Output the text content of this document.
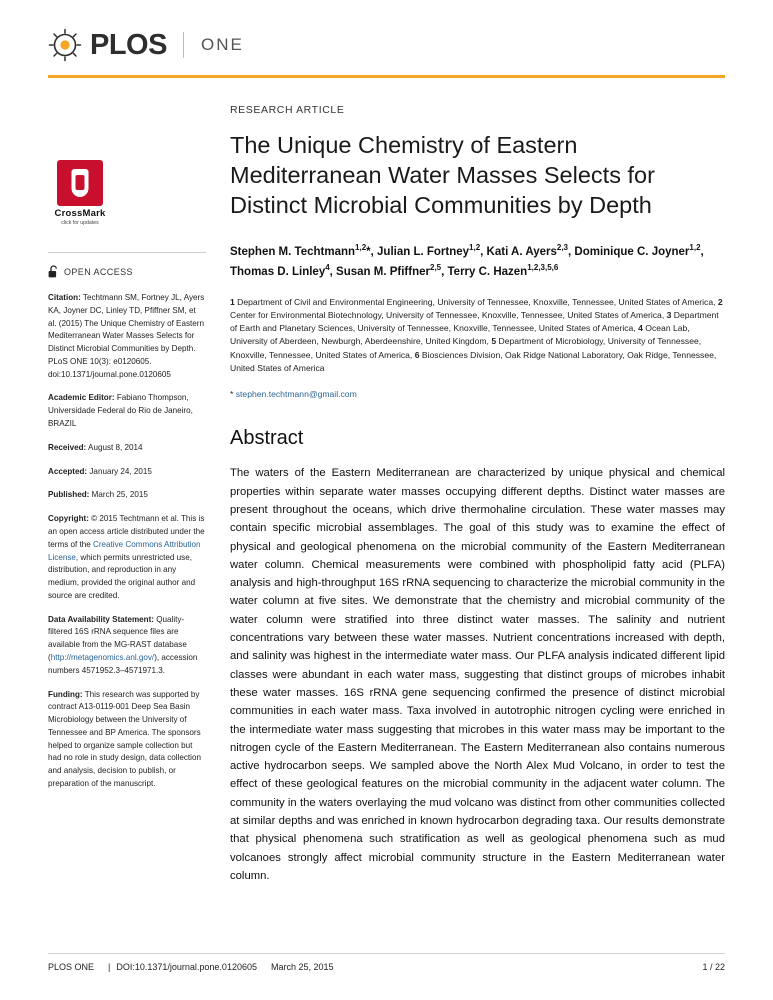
PLOS ONE
CrossMark
click for updates
OPEN ACCESS
Citation: Techtmann SM, Fortney JL, Ayers KA, Joyner DC, Linley TD, Pfiffner SM, et al. (2015) The Unique Chemistry of Eastern Mediterranean Water Masses Selects for Distinct Microbial Communities by Depth. PLoS ONE 10(3): e0120605. doi:10.1371/journal.pone.0120605
Academic Editor: Fabiano Thompson, Universidade Federal do Rio de Janeiro, BRAZIL
Received: August 8, 2014
Accepted: January 24, 2015
Published: March 25, 2015
Copyright: © 2015 Techtmann et al. This is an open access article distributed under the terms of the Creative Commons Attribution License, which permits unrestricted use, distribution, and reproduction in any medium, provided the original author and source are credited.
Data Availability Statement: Quality-filtered 16S rRNA sequence files are available from the MG-RAST database (http://metagenomics.anl.gov/), accession numbers 4571952.3–4571971.3.
Funding: This research was supported by contract A13-0119-001 Deep Sea Basin Microbiology between the University of Tennessee and BP America. The sponsors helped to organize sample collection but had no role in study design, data collection and analysis, decision to publish, or preparation of the manuscript.
RESEARCH ARTICLE
The Unique Chemistry of Eastern Mediterranean Water Masses Selects for Distinct Microbial Communities by Depth
Stephen M. Techtmann$^{1,2}$*, Julian L. Fortney$^{1,2}$, Kati A. Ayers$^{2,3}$, Dominique C. Joyner$^{1,2}$, Thomas D. Linley$^4$, Susan M. Pfiffner$^{2,5}$, Terry C. Hazen$^{1,2,3,5,6}$
1 Department of Civil and Environmental Engineering, University of Tennessee, Knoxville, Tennessee, United States of America, 2 Center for Environmental Biotechnology, University of Tennessee, Knoxville, Tennessee, United States of America, 3 Department of Earth and Planetary Sciences, University of Tennessee, Knoxville, Tennessee, United States of America, 4 Ocean Lab, University of Aberdeen, Newburgh, Aberdeenshire, United Kingdom, 5 Department of Microbiology, University of Tennessee, Knoxville, Tennessee, United States of America, 6 Biosciences Division, Oak Ridge National Laboratory, Oak Ridge, Tennessee, United States of America
* stephen.techtmann@gmail.com
Abstract
The waters of the Eastern Mediterranean are characterized by unique physical and chemical properties within separate water masses occupying different depths. Distinct water masses are present throughout the oceans, which drive thermohaline circulation. These water masses may contain specific microbial assemblages. The goal of this study was to examine the effect of physical and geological phenomena on the microbial community of the Eastern Mediterranean water column. Chemical measurements were combined with phospholipid fatty acid (PLFA) analysis and high-throughput 16S rRNA sequencing to characterize the microbial community in the water column at five sites. We demonstrate that the chemistry and microbial community of the water column were stratified into three distinct water masses. The salinity and nutrient concentrations vary between these water masses. Nutrient concentrations increased with depth, and salinity was highest in the intermediate water mass. Our PLFA analysis indicated different lipid classes were abundant in each water mass, suggesting that distinct groups of microbes inhabit these water masses. 16S rRNA gene sequencing confirmed the presence of distinct microbial communities in each water mass. Taxa involved in autotrophic nitrogen cycling were enriched in the intermediate water mass suggesting that microbes in this water mass may be important to the nitrogen cycle of the Eastern Mediterranean. The Eastern Mediterranean also contains numerous active hydrocarbon seeps. We sampled above the North Alex Mud Volcano, in order to test the effect of these geological features on the microbial community in the adjacent water column. The community in the waters overlaying the mud volcano was distinct from other communities collected at similar depths and was enriched in known hydrocarbon degrading taxa. Our results demonstrate that physical phenomena such stratification as well as geological phenomena such as mud volcanoes strongly affect microbial community structure in the Eastern Mediterranean water column.
PLOS ONE | DOI:10.1371/journal.pone.0120605 March 25, 2015	1 / 22
